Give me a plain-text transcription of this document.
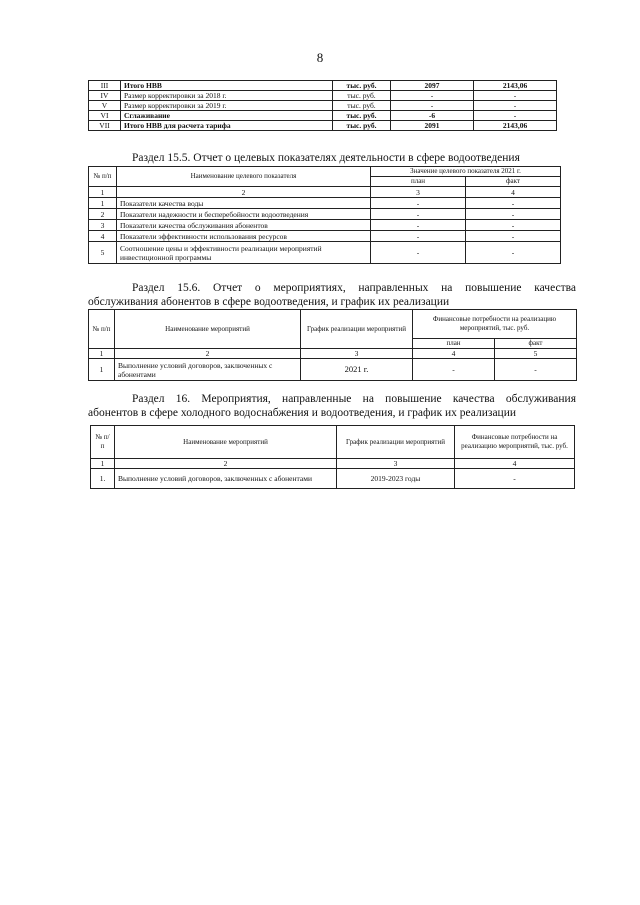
8
III	Итого НВВ	тыс. руб.	2097	2143,06
IV	Размер корректировки за 2018 г.	тыс. руб.	-	-
V	Размер корректировки за 2019 г.	тыс. руб.	-	-
VI	Сглаживание	тыс. руб.	-6	-
VII	Итого НВВ для расчета тарифа	тыс. руб.	2091	2143,06
Раздел 15.5. Отчет о целевых показателях деятельности в сфере водоотведения
№ п/п	Наименование целевого показателя	Значение целевого показателя 2021 г.	
		план	факт
1	2	3	4
1	Показатели качества воды	-	-
2	Показатели надежности и бесперебойности водоотведения	-	-
3	Показатели качества обслуживания абонентов	-	-
4	Показатели эффективности использования ресурсов	-	-
5	Соотношение цены и эффективности реализации мероприятий инвестиционной программы	-	-
Раздел 15.6. Отчет о мероприятиях, направленных на повышение качества
обслуживания абонентов в сфере водоотведения, и график их реализации
№ п/п	Наименование мероприятий	График реализации мероприятий	Финансовые потребности на реализацию мероприятий, тыс. руб.	
			план	факт
1	2	3	4	5
1	Выполнение условий договоров, заключенных с абонентами	2021 г.	-	-
Раздел 16. Мероприятия, направленные на повышение качества обслуживания
абонентов в сфере холодного водоснабжения и водоотведения, и график их реализации
№ п/п	Наименование мероприятий	График реализации мероприятий	Финансовые потребности на реализацию мероприятий, тыс. руб.
1	2	3	4
1.	Выполнение условий договоров, заключенных с абонентами	2019-2023 годы	-
